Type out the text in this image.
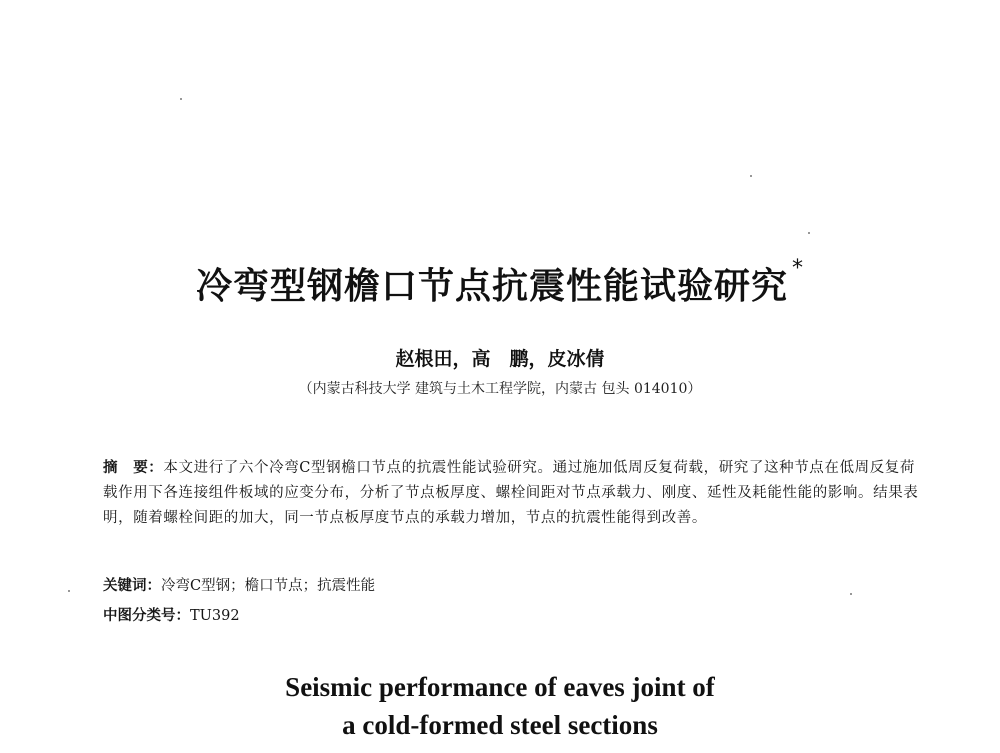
冷弯型钢檐口节点抗震性能试验研究 *
赵根田，高　鹏，皮冰倩
（内蒙古科技大学 建筑与土木工程学院，内蒙古 包头 014010）
摘　要：本文进行了六个冷弯C型钢檐口节点的抗震性能试验研究。通过施加低周反复荷载，研究了这种节点在低周反复荷载作用下各连接组件板域的应变分布，分析了节点板厚度、螺栓间距对节点承载力、刚度、延性及耗能性能的影响。结果表明，随着螺栓间距的加大，同一节点板厚度节点的承载力增加，节点的抗震性能得到改善。
关键词：冷弯C型钢；檐口节点；抗震性能
中图分类号：TU392
Seismic performance of eaves joint of
a cold-formed steel sections
